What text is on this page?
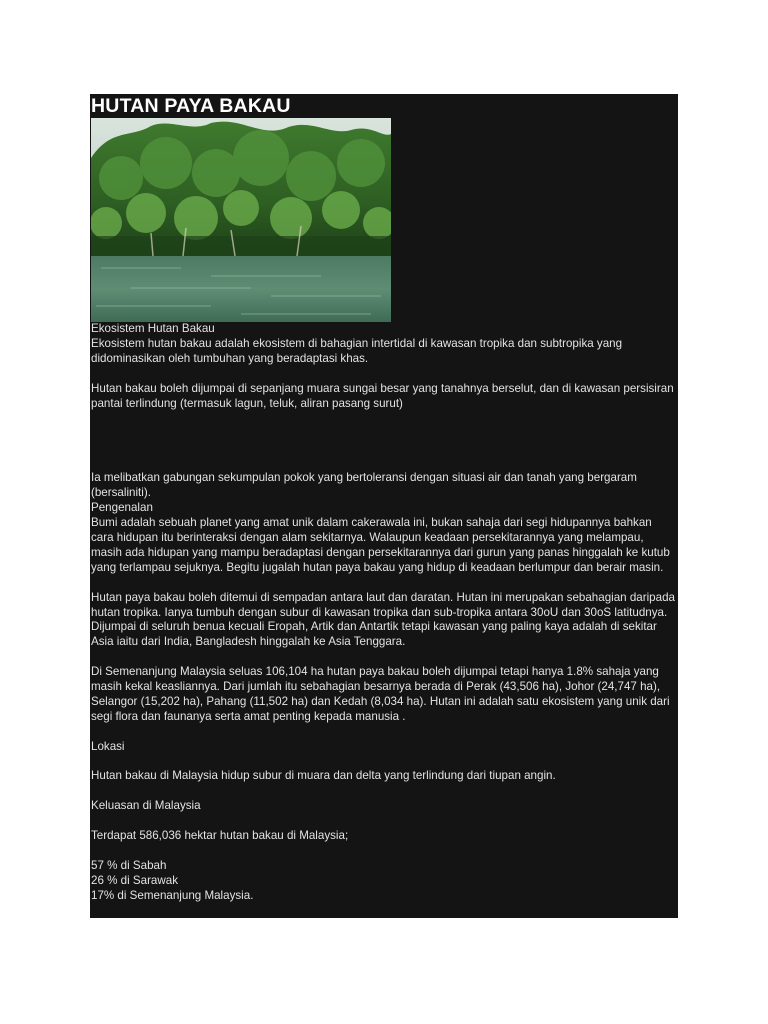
HUTAN PAYA BAKAU

Ekosistem Hutan Bakau

Ekosistem hutan bakau adalah ekosistem di bahagian intertidal di kawasan tropika dan subtropika yang didominasikan oleh tumbuhan yang beradaptasi khas.

Hutan bakau boleh dijumpai di sepanjang muara sungai besar yang tanahnya berselut, dan di kawasan persisiran pantai terlindung (termasuk lagun, teluk, aliran pasang surut)

Ia melibatkan gabungan sekumpulan pokok yang bertoleransi dengan situasi air dan tanah yang bergaram (bersaliniti).

Pengenalan

Bumi adalah sebuah planet yang amat unik dalam cakerawala ini, bukan sahaja dari segi hidupannya bahkan cara hidupan itu berinteraksi dengan alam sekitarnya. Walaupun keadaan persekitarannya yang melampau, masih ada hidupan yang mampu beradaptasi dengan persekitarannya dari gurun yang panas hinggalah ke kutub yang terlampau sejuknya. Begitu jugalah hutan paya bakau yang hidup di keadaan berlumpur dan berair masin.

Hutan paya bakau boleh ditemui di sempadan antara laut dan daratan. Hutan ini merupakan sebahagian daripada hutan tropika. Ianya tumbuh dengan subur di kawasan tropika dan sub-tropika antara 30oU dan 30oS latitudnya. Dijumpai di seluruh benua kecuali Eropah, Artik dan Antartik tetapi kawasan yang paling kaya adalah di sekitar Asia iaitu dari India, Bangladesh hinggalah ke Asia Tenggara.

Di Semenanjung Malaysia seluas 106,104 ha hutan paya bakau boleh dijumpai tetapi hanya 1.8% sahaja yang masih kekal keasliannya. Dari jumlah itu sebahagian besarnya berada di Perak (43,506 ha), Johor (24,747 ha), Selangor (15,202 ha), Pahang (11,502 ha) dan Kedah (8,034 ha). Hutan ini adalah satu ekosistem yang unik dari segi flora dan faunanya serta amat penting kepada manusia .

Lokasi

Hutan bakau di Malaysia hidup subur di muara dan delta yang terlindung dari tiupan angin.

Keluasan di Malaysia

Terdapat 586,036 hektar hutan bakau di Malaysia;

57 % di Sabah

26 % di Sarawak

17% di Semenanjung Malaysia.
